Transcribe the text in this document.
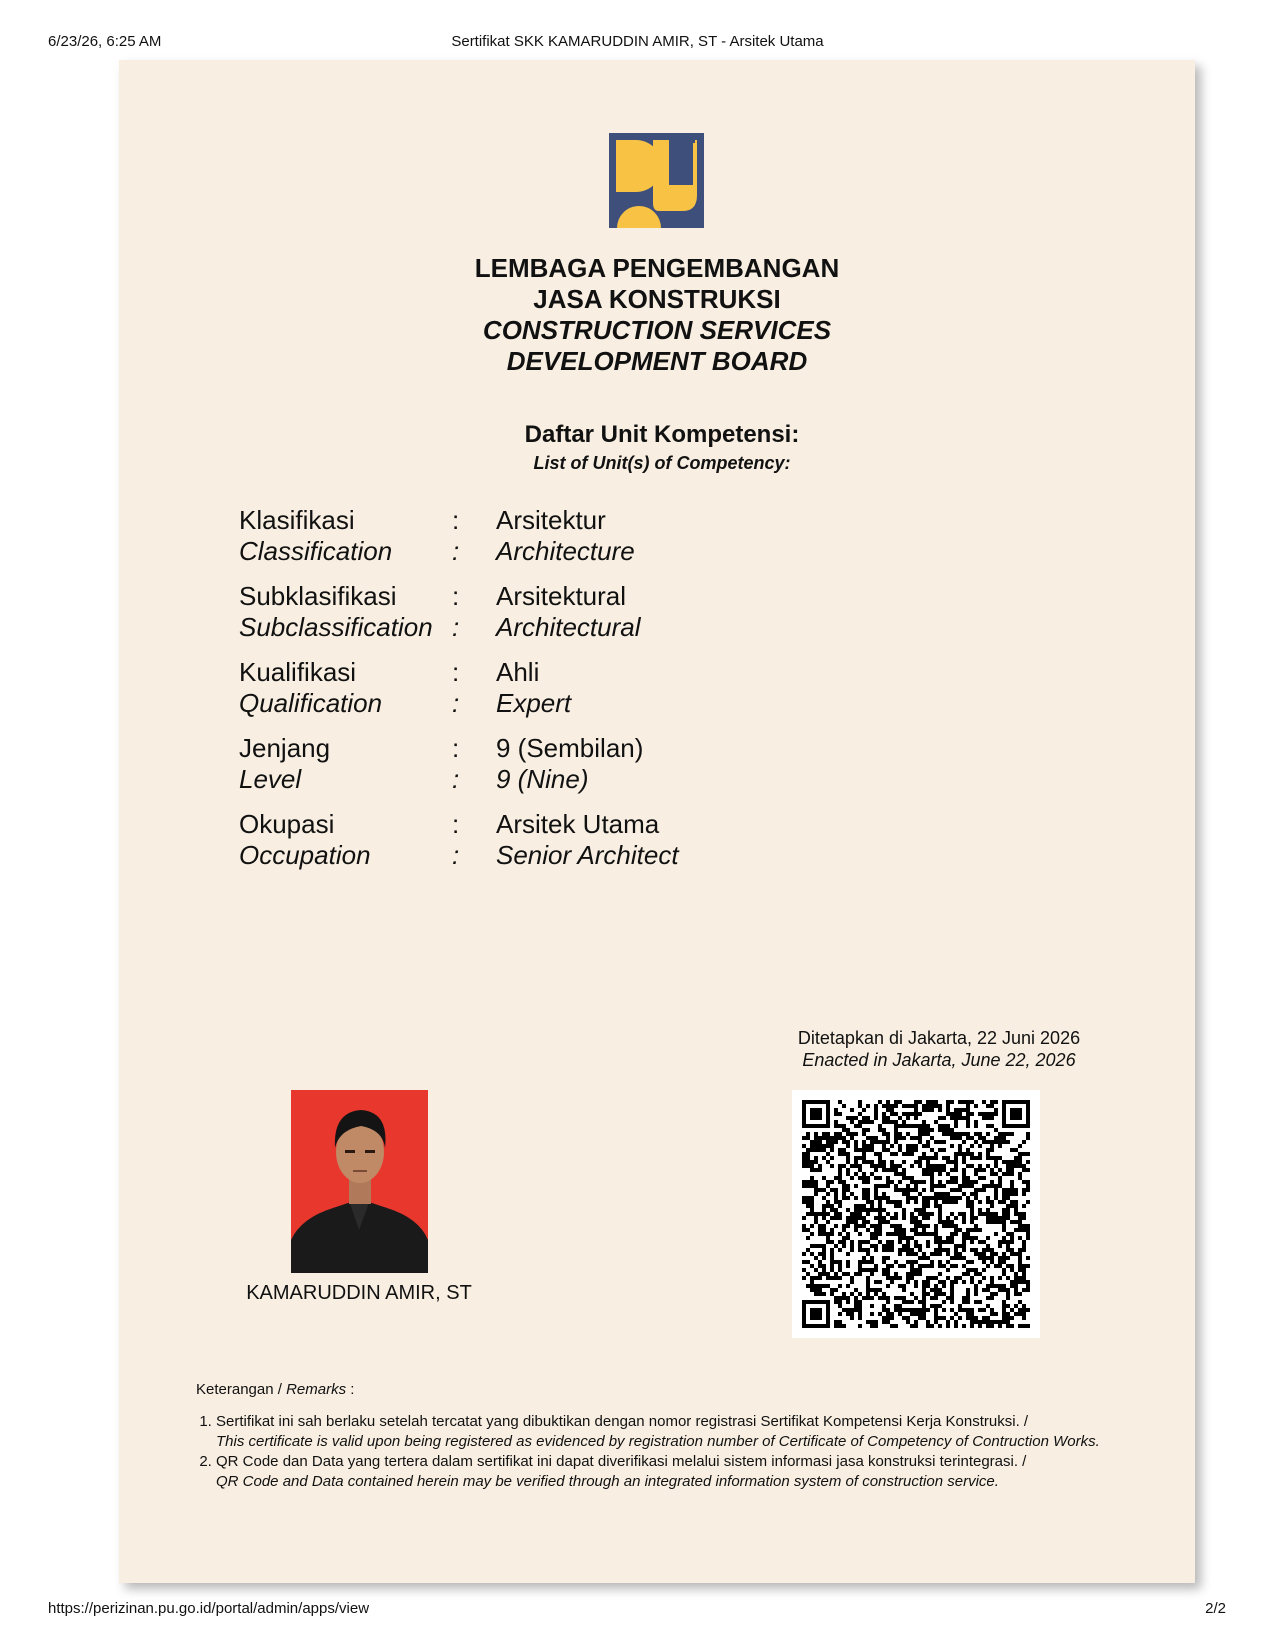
6/23/26, 6:25 AM	Sertifikat SKK KAMARUDDIN AMIR, ST - Arsitek Utama
LEMBAGA PENGEMBANGAN
JASA KONSTRUKSI
CONSTRUCTION SERVICES
DEVELOPMENT BOARD
Daftar Unit Kompetensi:
List of Unit(s) of Competency:
Klasifikasi	: Arsitektur
Classification : Architecture
Subklasifikasi : Arsitektural
Subclassification : Architectural
Kualifikasi	: Ahli
Qualification	: Expert
Jenjang	: 9 (Sembilan)
Level	: 9 (Nine)
Okupasi	: Arsitek Utama
Occupation	: Senior Architect
Ditetapkan di Jakarta, 22 Juni 2026
Enacted in Jakarta, June 22, 2026
KAMARUDDIN AMIR, ST
Keterangan / Remarks :
1. Sertifikat ini sah berlaku setelah tercatat yang dibuktikan dengan nomor registrasi Sertifikat Kompetensi Kerja Konstruksi. /
This certificate is valid upon being registered as evidenced by registration number of Certificate of Competency of Contruction Works.
2. QR Code dan Data yang tertera dalam sertifikat ini dapat diverifikasi melalui sistem informasi jasa konstruksi terintegrasi. /
QR Code and Data contained herein may be verified through an integrated information system of construction service.
https://perizinan.pu.go.id/portal/admin/apps/view	2/2
